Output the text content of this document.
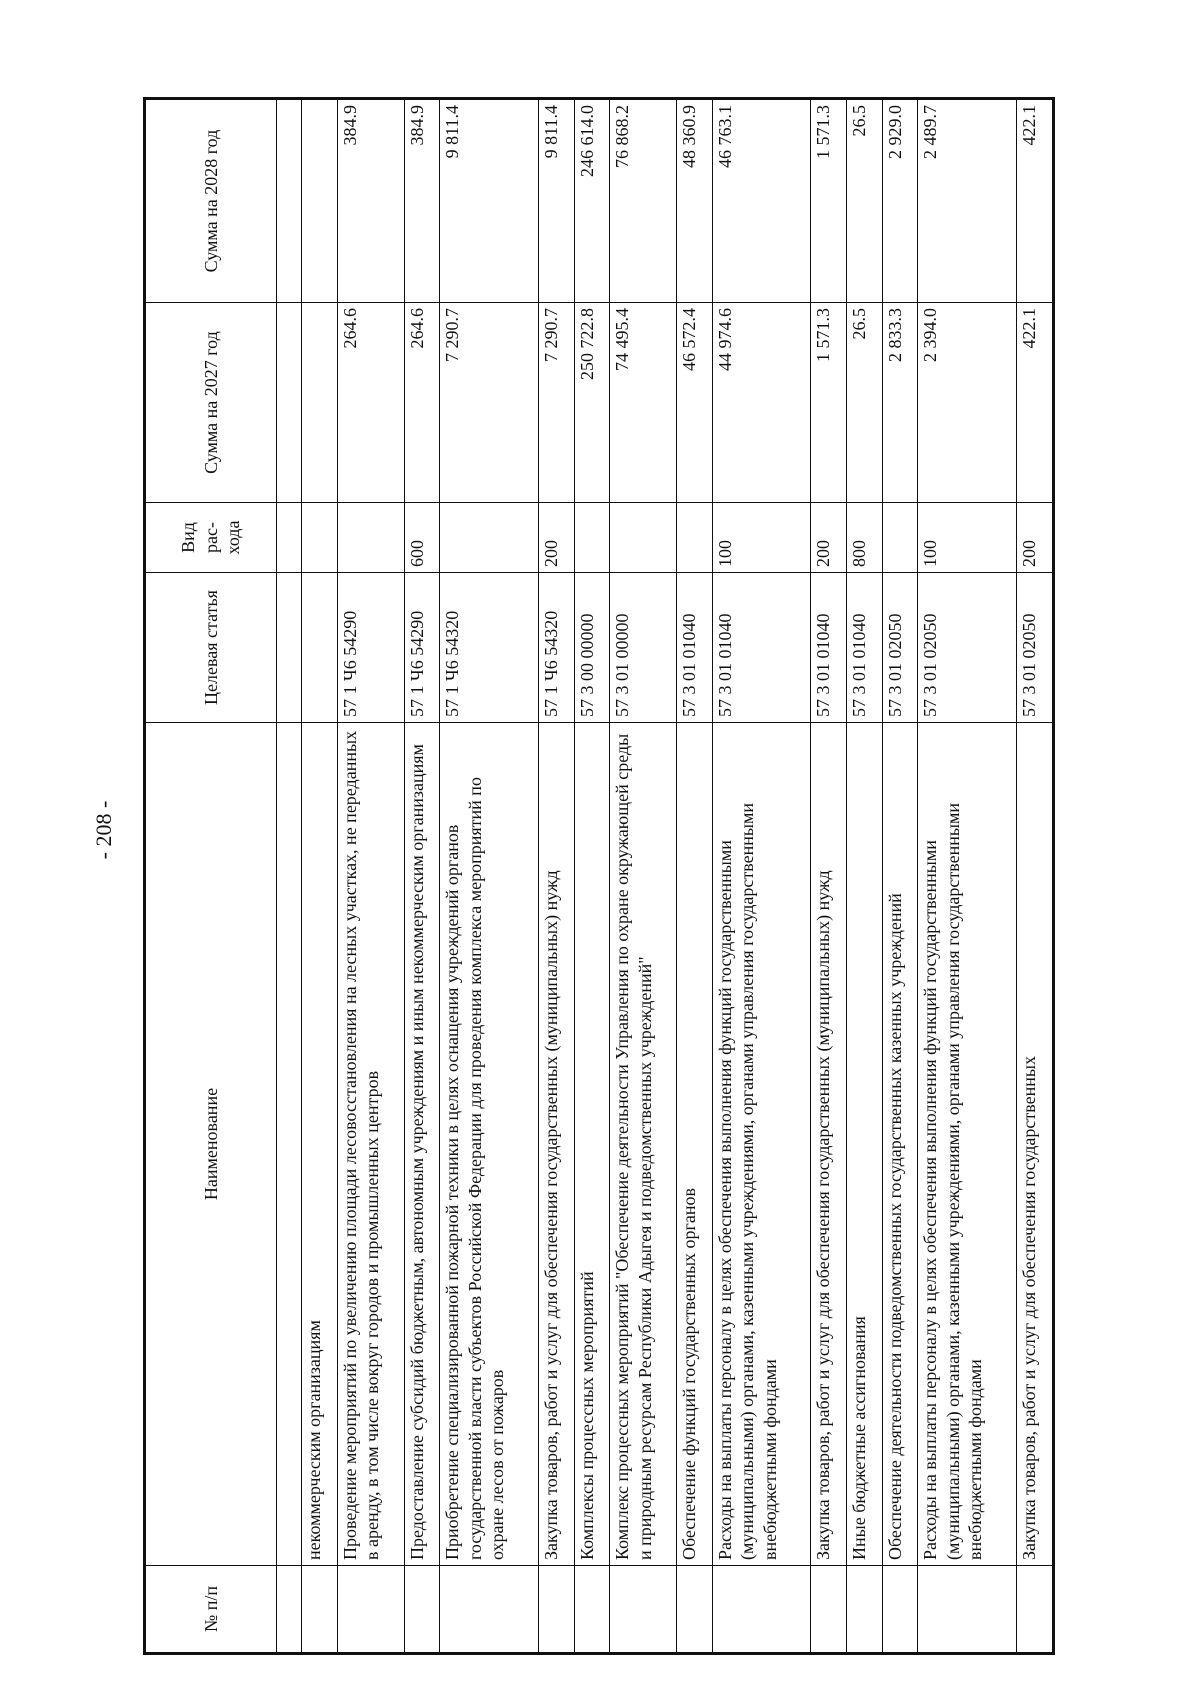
- 208 -
№ п/п	Наименование	Целевая статья	Вид рас- хода	Сумма на 2027 год	Сумма на 2028 год

	некоммерческим организациям				
	Проведение мероприятий по увеличению площади лесовосстановления на лесных участках, не переданных в аренду, в том числе вокруг городов и промышленных центров	57 1 Ч6 54290		264.6	384.9
	Предоставление субсидий бюджетным, автономным учреждениям и иным некоммерческим организациям	57 1 Ч6 54290	600	264.6	384.9
	Приобретение специализированной пожарной техники в целях оснащения учреждений органов государственной власти субъектов Российской Федерации для проведения комплекса мероприятий по охране лесов от пожаров	57 1 Ч6 54320		7 290.7	9 811.4
	Закупка товаров, работ и услуг для обеспечения государственных (муниципальных) нужд	57 1 Ч6 54320	200	7 290.7	9 811.4
	Комплексы процессных мероприятий	57 3 00 00000		250 722.8	246 614.0
	Комплекс процессных мероприятий "Обеспечение деятельности Управления по охране окружающей среды и природным ресурсам Республики Адыгея и подведомственных учреждений"	57 3 01 00000		74 495.4	76 868.2
	Обеспечение функций государственных органов	57 3 01 01040		46 572.4	48 360.9
	Расходы на выплаты персоналу в целях обеспечения выполнения функций государственными (муниципальными) органами, казенными учреждениями, органами управления государственными внебюджетными фондами	57 3 01 01040	100	44 974.6	46 763.1
	Закупка товаров, работ и услуг для обеспечения государственных (муниципальных) нужд	57 3 01 01040	200	1 571.3	1 571.3
	Иные бюджетные ассигнования	57 3 01 01040	800	26.5	26.5
	Обеспечение деятельности подведомственных государственных казенных учреждений	57 3 01 02050		2 833.3	2 929.0
	Расходы на выплаты персоналу в целях обеспечения выполнения функций государственными (муниципальными) органами, казенными учреждениями, органами управления государственными внебюджетными фондами	57 3 01 02050	100	2 394.0	2 489.7
	Закупка товаров, работ и услуг для обеспечения государственных	57 3 01 02050	200	422.1	422.1
